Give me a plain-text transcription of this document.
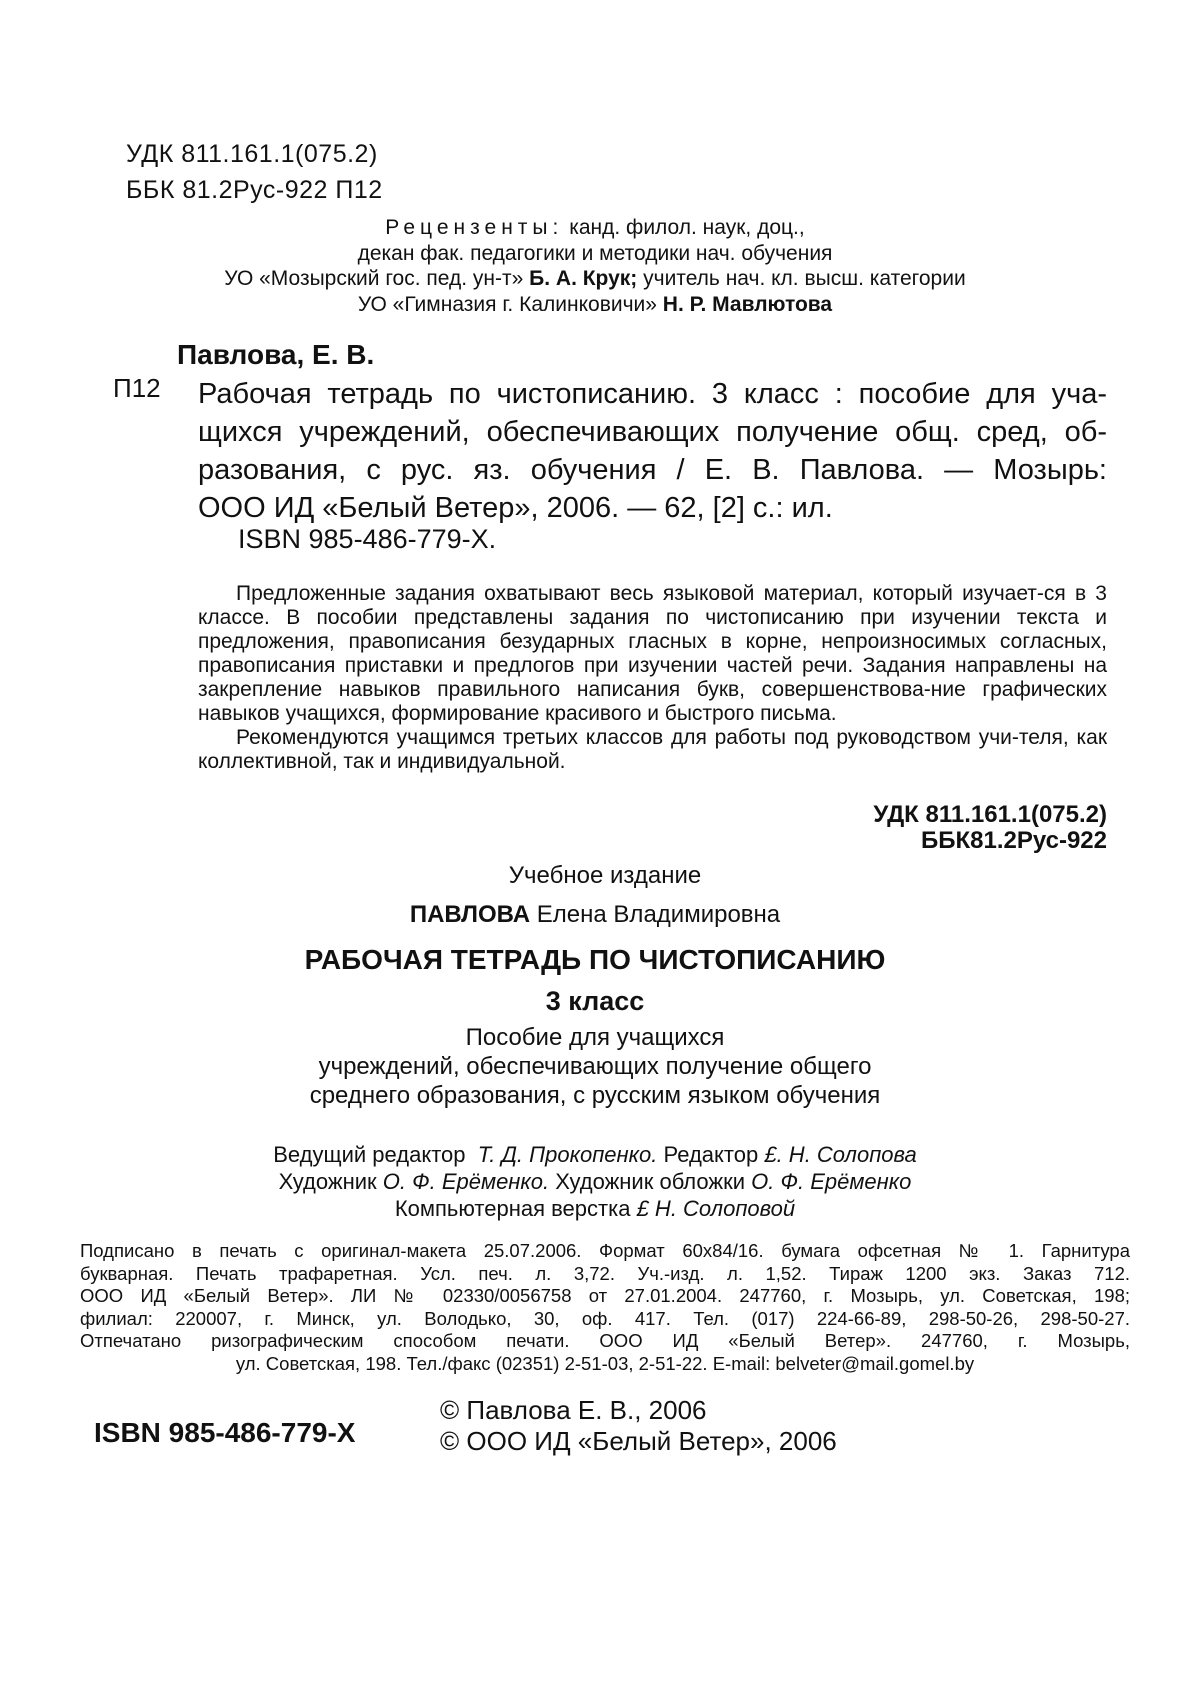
УДК 811.161.1(075.2)
ББК 81.2Рус-922 П12
Рецензенты: канд. филол. наук, доц.,
декан фак. педагогики и методики нач. обучения
УО «Мозырский гос. пед. ун-т» Б. А. Крук; учитель нач. кл. высш. категории
УО «Гимназия г. Калинковичи» Н. Р. Мавлютова
Павлова, Е. В.
П12 Рабочая тетрадь по чистописанию. 3 класс : пособие для уча-
щихся учреждений, обеспечивающих получение общ. сред, об-
разования, с рус. яз. обучения / Е. В. Павлова. — Мозырь:
ООО ИД «Белый Ветер», 2006. — 62, [2] с.: ил.
ISBN 985-486-779-X.

Предложенные задания охватывают весь языковой материал, который изучает-ся в 3 классе. В пособии представлены задания по чистописанию при изучении текста и предложения, правописания безударных гласных в корне, непроизносимых согласных, правописания приставки и предлогов при изучении частей речи. Задания направлены на закрепление навыков правильного написания букв, совершенствова-ние графических навыков учащихся, формирование красивого и быстрого письма.

Рекомендуются учащимся третьих классов для работы под руководством учи-теля, как коллективной, так и индивидуальной.

УДК 811.161.1(075.2)
ББК81.2Рус-922
Учебное издание
ПАВЛОВА Елена Владимировна
РАБОЧАЯ ТЕТРАДЬ ПО ЧИСТОПИСАНИЮ
3 класс
Пособие для учащихся
учреждений, обеспечивающих получение общего
среднего образования, с русским языком обучения
Ведущий редактор Т. Д. Прокопенко. Редактор £. Н. Солопова
Художник О. Ф. Ерёменко. Художник обложки О. Ф. Ерёменко
Компьютерная верстка £ Н. Солоповой
Подписано в печать с оригинал-макета 25.07.2006. Формат 60x84/16. бумага офсетная № 1. Гарнитура
букварная. Печать трафаретная. Усл. печ. л. 3,72. Уч.-изд. л. 1,52. Тираж 1200 экз. Заказ 712.
ООО ИД «Белый Ветер». ЛИ № 02330/0056758 от 27.01.2004. 247760, г. Мозырь, ул. Советская, 198;
филиал: 220007, г. Минск, ул. Володько, 30, оф. 417. Тел. (017) 224-66-89, 298-50-26, 298-50-27.
Отпечатано ризографическим способом печати. ООО ИД «Белый Ветер». 247760, г. Мозырь,
ул. Советская, 198. Тел./факс (02351) 2-51-03, 2-51-22. E-mail: belveter@mail.gomel.by
ISBN 985-486-779-X
© Павлова Е. В., 2006
© ООО ИД «Белый Ветер», 2006
